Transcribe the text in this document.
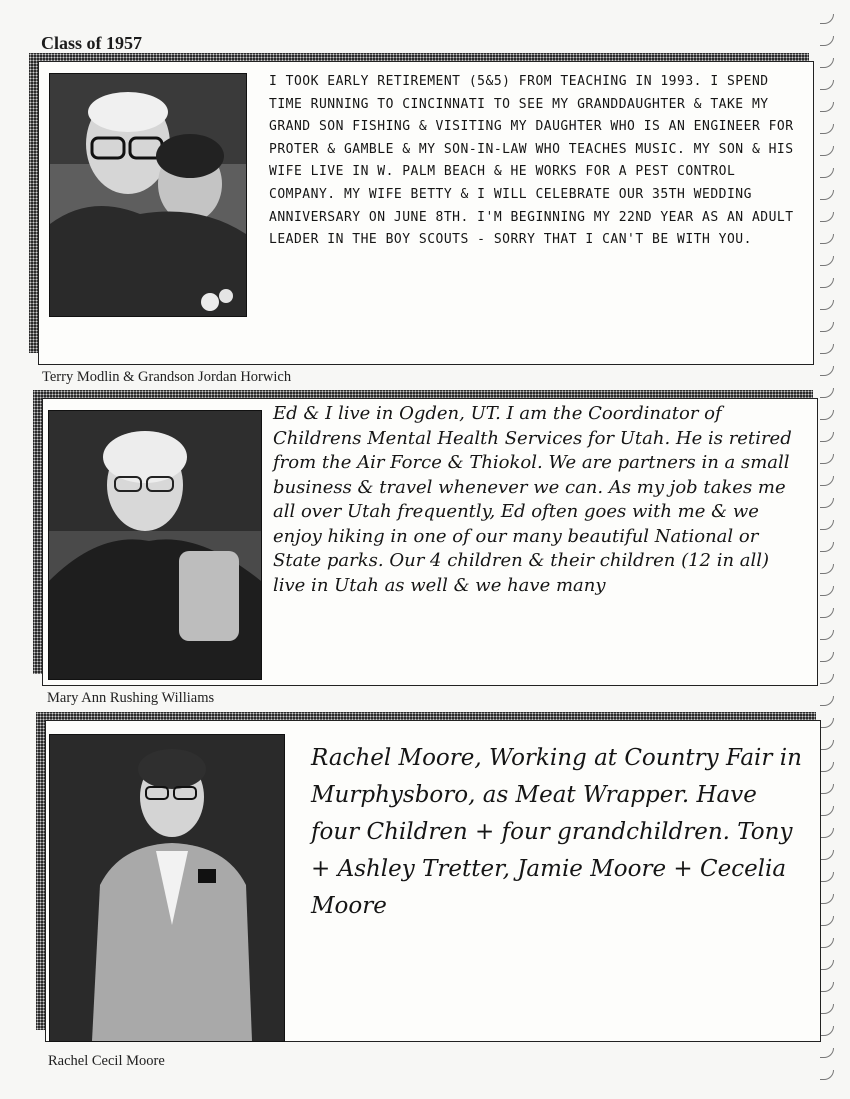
Class of 1957
I TOOK EARLY RETIREMENT (5&5) FROM TEACHING IN 1993. I SPEND TIME RUNNING TO CINCINNATI TO SEE MY GRANDDAUGHTER & TAKE MY GRAND SON FISHING & VISITING MY DAUGHTER WHO IS AN ENGINEER FOR PROTER & GAMBLE & MY SON-IN-LAW WHO TEACHES MUSIC. MY SON & HIS WIFE LIVE IN W. PALM BEACH & HE WORKS FOR A PEST CONTROL COMPANY. MY WIFE BETTY & I WILL CELEBRATE OUR 35TH WEDDING ANNIVERSARY ON JUNE 8TH. I'M BEGINNING MY 22ND YEAR AS AN ADULT LEADER IN THE BOY SCOUTS - SORRY THAT I CAN'T BE WITH YOU.
Terry Modlin & Grandson Jordan Horwich
Ed & I live in Ogden, UT. I am the Coordinator of Childrens Mental Health Services for Utah. He is retired from the Air Force & Thiokol. We are partners in a small business & travel whenever we can. As my job takes me all over Utah frequently, Ed often goes with me & we enjoy hiking in one of our many beautiful National or State parks. Our 4 children & their children (12 in all) live in Utah as well & we have many
Mary Ann Rushing Williams
Rachel Moore, Working at Country Fair in Murphysboro, as Meat Wrapper. Have four Children + four grandchildren. Tony + Ashley Tretter, Jamie Moore + Cecelia Moore
Rachel Cecil Moore
